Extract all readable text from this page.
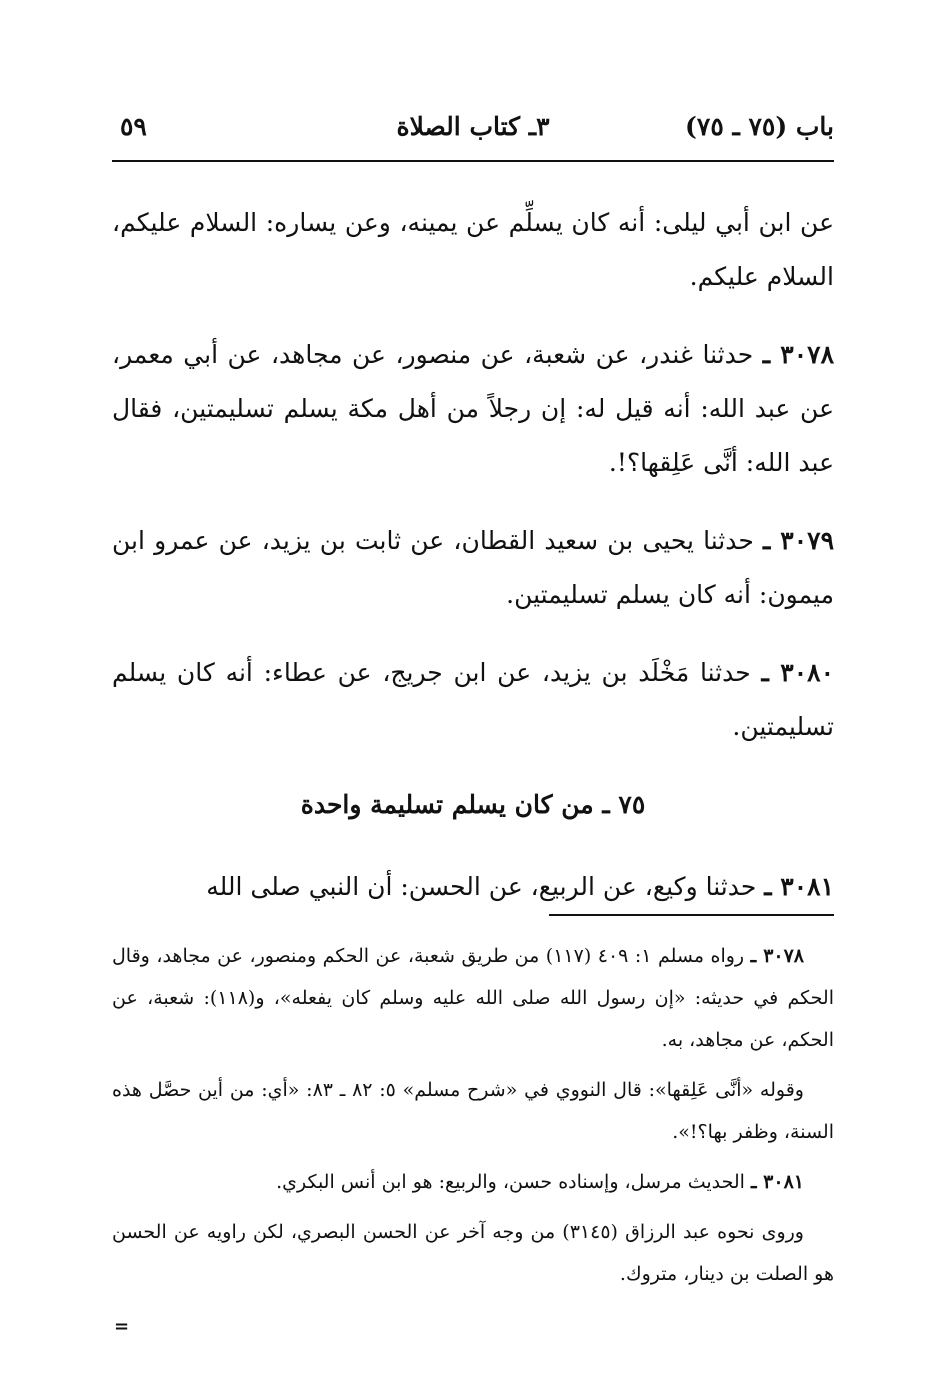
باب (٧٥ ـ ٧٥)
٣ـ كتاب الصلاة
٥٩

عن ابن أبي ليلى: أنه كان يسلِّم عن يمينه، وعن يساره: السلام عليكم، السلام عليكم.

٣٠٧٨ ـ حدثنا غندر، عن شعبة، عن منصور، عن مجاهد، عن أبي معمر، عن عبد الله: أنه قيل له: إن رجلاً من أهل مكة يسلم تسليمتين، فقال عبد الله: أنَّى عَلِقها؟!.

٣٠٧٩ ـ حدثنا يحيى بن سعيد القطان، عن ثابت بن يزيد، عن عمرو ابن ميمون: أنه كان يسلم تسليمتين.

٣٠٨٠ ـ حدثنا مَخْلَد بن يزيد، عن ابن جريج، عن عطاء: أنه كان يسلم تسليمتين.

٧٥ ـ من كان يسلم تسليمة واحدة

٣٠٨١ ـ حدثنا وكيع، عن الربيع، عن الحسن: أن النبي صلى الله

٣٠٧٨ ـ رواه مسلم ١: ٤٠٩ (١١٧) من طريق شعبة، عن الحكم ومنصور، عن مجاهد، وقال الحكم في حديثه: «إن رسول الله صلى الله عليه وسلم كان يفعله»، و(١١٨): شعبة، عن الحكم، عن مجاهد، به.

وقوله «أنَّى عَلِقها»: قال النووي في «شرح مسلم» ٥: ٨٢ ـ ٨٣: «أي: من أين حصَّل هذه السنة، وظفر بها؟!».

٣٠٨١ ـ الحديث مرسل، وإسناده حسن، والربيع: هو ابن أنس البكري.

وروى نحوه عبد الرزاق (٣١٤٥) من وجه آخر عن الحسن البصري، لكن راويه عن الحسن هو الصلت بن دينار، متروك.

=
